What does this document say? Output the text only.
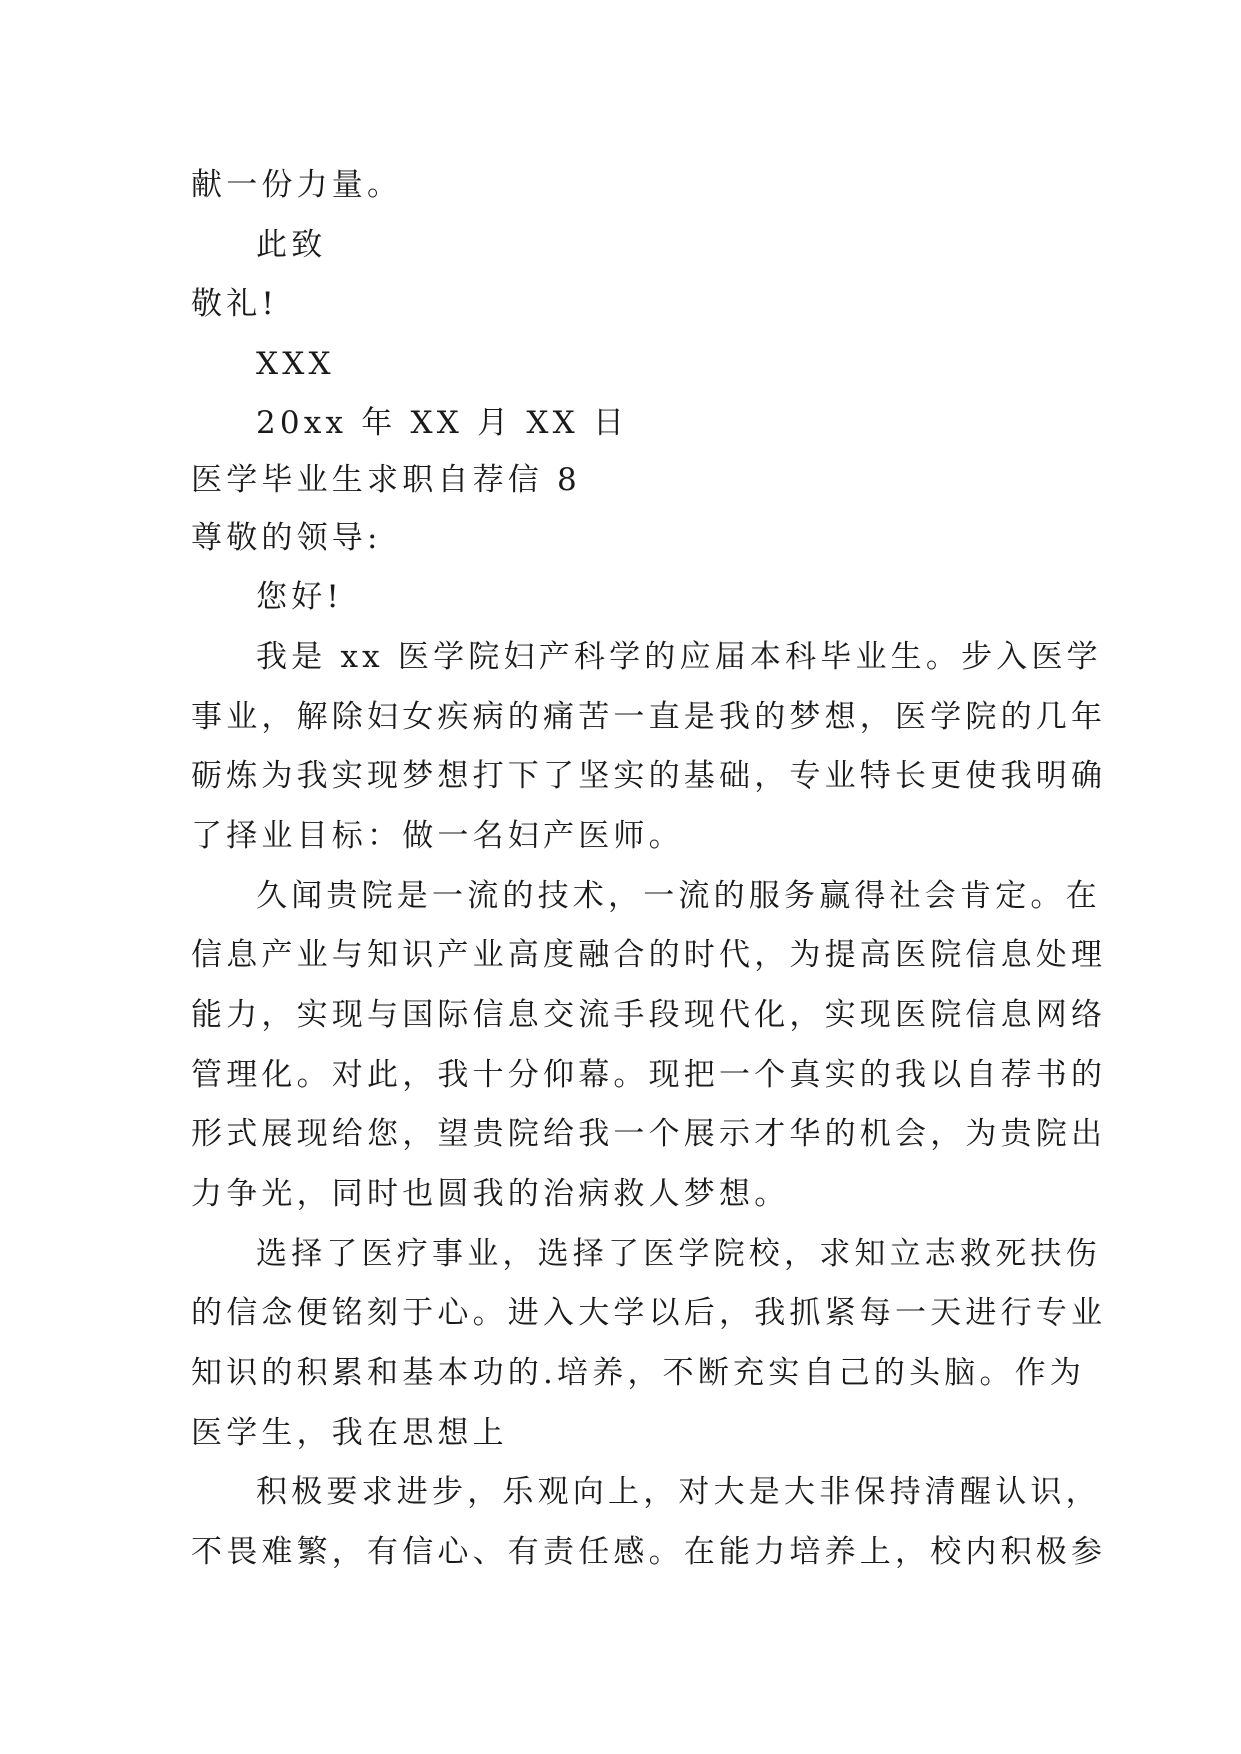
献一份力量。
此致
敬礼!
XXX
20xx 年 XX 月 XX 日
医学毕业生求职自荐信 8
尊敬的领导:
您好!
我是 xx 医学院妇产科学的应届本科毕业生。步入医学
事业，解除妇女疾病的痛苦一直是我的梦想，医学院的几年
砺炼为我实现梦想打下了坚实的基础，专业特长更使我明确
了择业目标：做一名妇产医师。
久闻贵院是一流的技术，一流的服务赢得社会肯定。在
信息产业与知识产业高度融合的时代，为提高医院信息处理
能力，实现与国际信息交流手段现代化，实现医院信息网络
管理化。对此，我十分仰幕。现把一个真实的我以自荐书的
形式展现给您，望贵院给我一个展示才华的机会，为贵院出
力争光，同时也圆我的治病救人梦想。
选择了医疗事业，选择了医学院校，求知立志救死扶伤
的信念便铭刻于心。进入大学以后，我抓紧每一天进行专业
知识的积累和基本功的.培养，不断充实自己的头脑。作为
医学生，我在思想上
积极要求进步，乐观向上，对大是大非保持清醒认识，
不畏难繁，有信心、有责任感。在能力培养上，校内积极参
